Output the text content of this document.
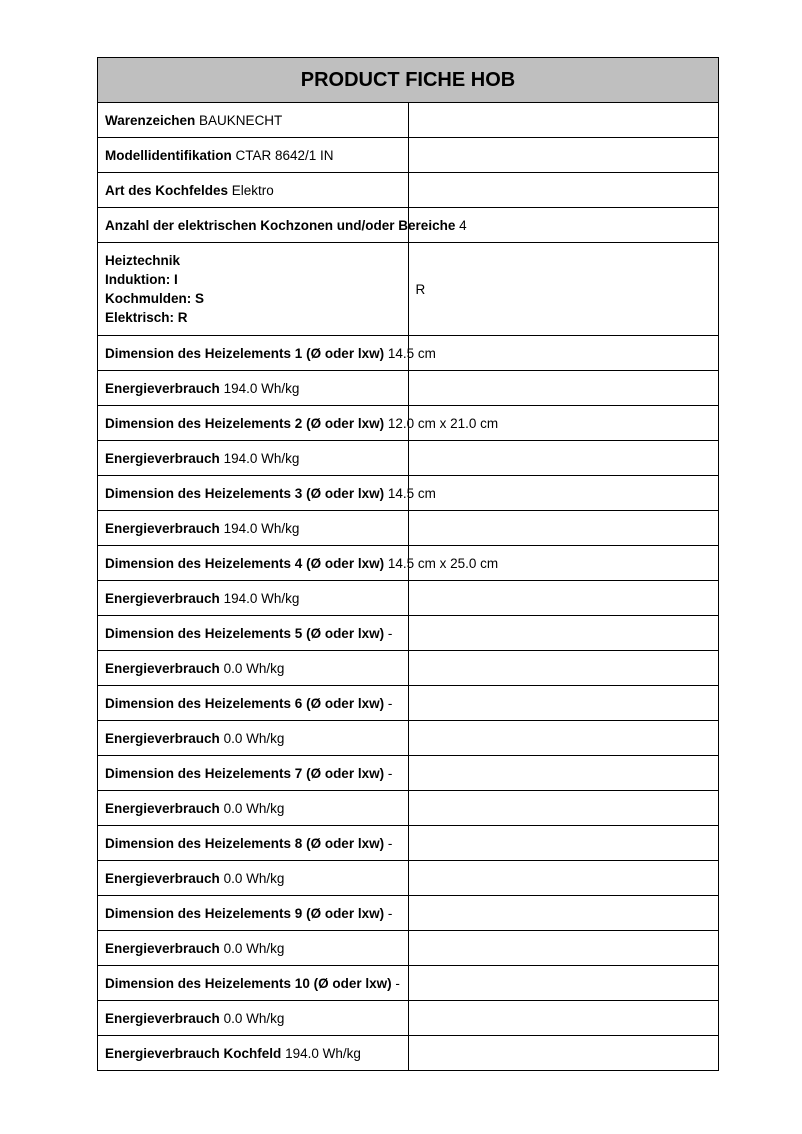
PRODUCT FICHE HOB	
Warenzeichen BAUKNECHT	
Modellidentifikation CTAR 8642/1 IN	
Art des Kochfeldes Elektro	
Anzahl der elektrischen Kochzonen und/oder Bereiche 4	

Heiztechnik
Induktion: I
Kochmulden: S
Elektrisch: R	R
Dimension des Heizelements 1 (Ø oder lxw) 14.5 cm	
Energieverbrauch 194.0 Wh/kg	
Dimension des Heizelements 2 (Ø oder lxw) 12.0 cm x 21.0 cm	
Energieverbrauch 194.0 Wh/kg	
Dimension des Heizelements 3 (Ø oder lxw) 14.5 cm	
Energieverbrauch 194.0 Wh/kg	
Dimension des Heizelements 4 (Ø oder lxw) 14.5 cm x 25.0 cm	
Energieverbrauch 194.0 Wh/kg	
Dimension des Heizelements 5 (Ø oder lxw) -	
Energieverbrauch 0.0 Wh/kg	
Dimension des Heizelements 6 (Ø oder lxw) -	
Energieverbrauch 0.0 Wh/kg	
Dimension des Heizelements 7 (Ø oder lxw) -	
Energieverbrauch 0.0 Wh/kg	
Dimension des Heizelements 8 (Ø oder lxw) -	
Energieverbrauch 0.0 Wh/kg	
Dimension des Heizelements 9 (Ø oder lxw) -	
Energieverbrauch 0.0 Wh/kg	
Dimension des Heizelements 10 (Ø oder lxw) -	
Energieverbrauch 0.0 Wh/kg	
Energieverbrauch Kochfeld 194.0 Wh/kg	
